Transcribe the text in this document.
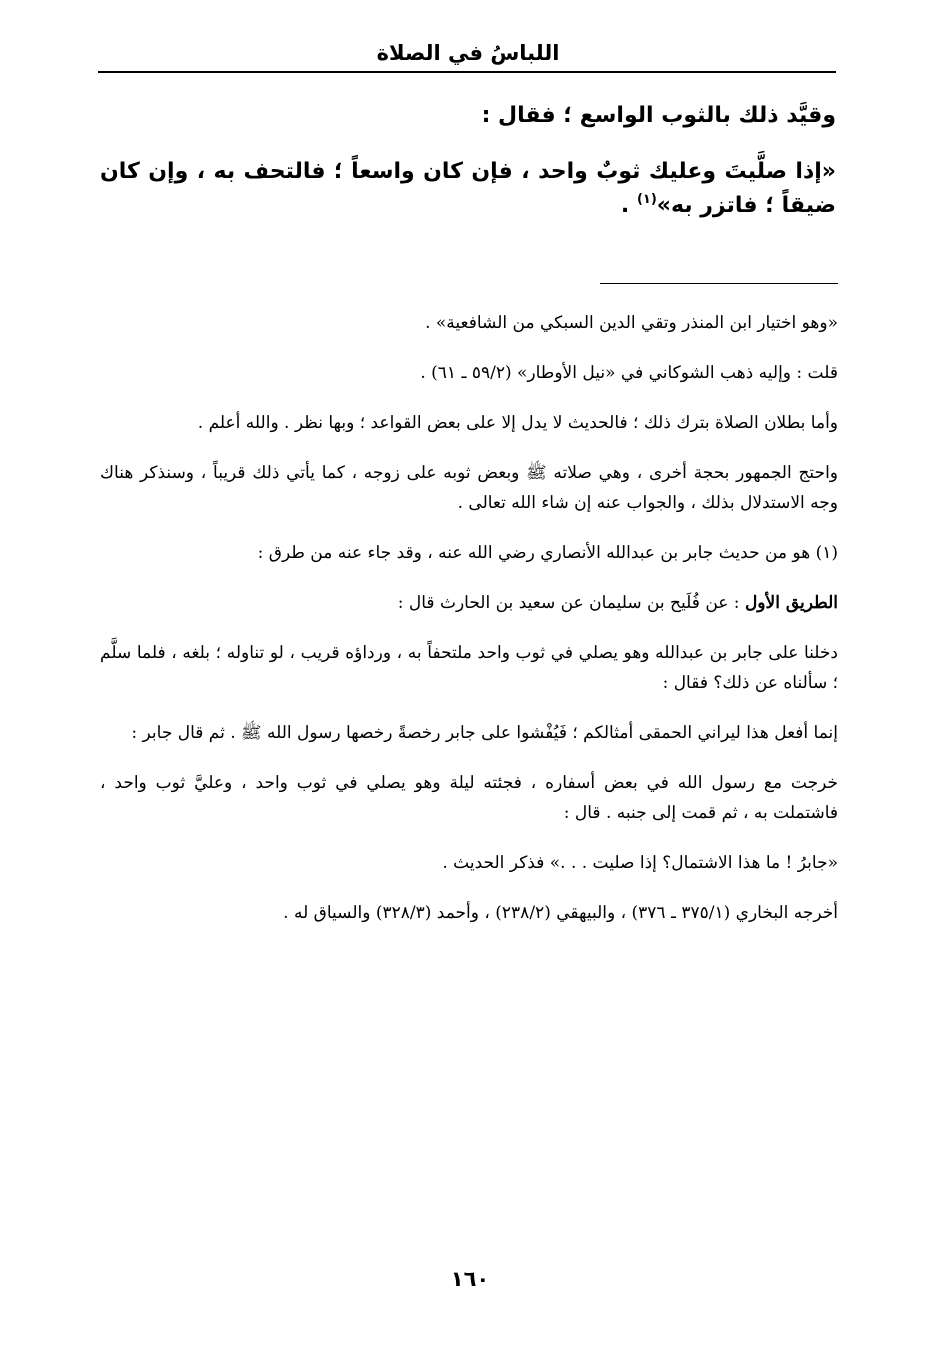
اللباسُ في الصلاة

وقيَّد ذلك بالثوب الواسع ؛ فقال :

«إذا صلَّيتَ وعليك ثوبٌ واحد ، فإن كان واسعاً ؛ فالتحف به ، وإن كان ضيقاً ؛ فاتزر به»$^{(١)}$ .

«وهو اختيار ابن المنذر وتقي الدين السبكي من الشافعية» .

قلت : وإليه ذهب الشوكاني في «نيل الأوطار» (٥٩/٢ ـ ٦١) .

وأما بطلان الصلاة بترك ذلك ؛ فالحديث لا يدل إلا على بعض القواعد ؛ وبها نظر . والله أعلم .

واحتج الجمهور بحجة أخرى ، وهي صلاته ﷺ وبعض ثوبه على زوجه ، كما يأتي ذلك قريباً ، وسنذكر هناك وجه الاستدلال بذلك ، والجواب عنه إن شاء الله تعالى .

(١) هو من حديث جابر بن عبدالله الأنصاري رضي الله عنه ، وقد جاء عنه من طرق :

الطريق الأول : عن فُلَيح بن سليمان عن سعيد بن الحارث قال :

دخلنا على جابر بن عبدالله وهو يصلي في ثوب واحد ملتحفاً به ، ورداؤه قريب ، لو تناوله ؛ بلغه ، فلما سلَّم ؛ سألناه عن ذلك؟ فقال :

إنما أفعل هذا ليراني الحمقى أمثالكم ؛ فَيُفْشوا على جابر رخصةً رخصها رسول الله ﷺ . ثم قال جابر :

خرجت مع رسول الله في بعض أسفاره ، فجئته ليلة وهو يصلي في ثوب واحد ، وعليَّ ثوب واحد ، فاشتملت به ، ثم قمت إلى جنبه . قال :

«جابرُ ! ما هذا الاشتمال؟ إذا صليت . . .» فذكر الحديث .

أخرجه البخاري (٣٧٥/١ ـ ٣٧٦) ، والبيهقي (٢٣٨/٢) ، وأحمد (٣٢٨/٣) والسياق له .

١٦٠
